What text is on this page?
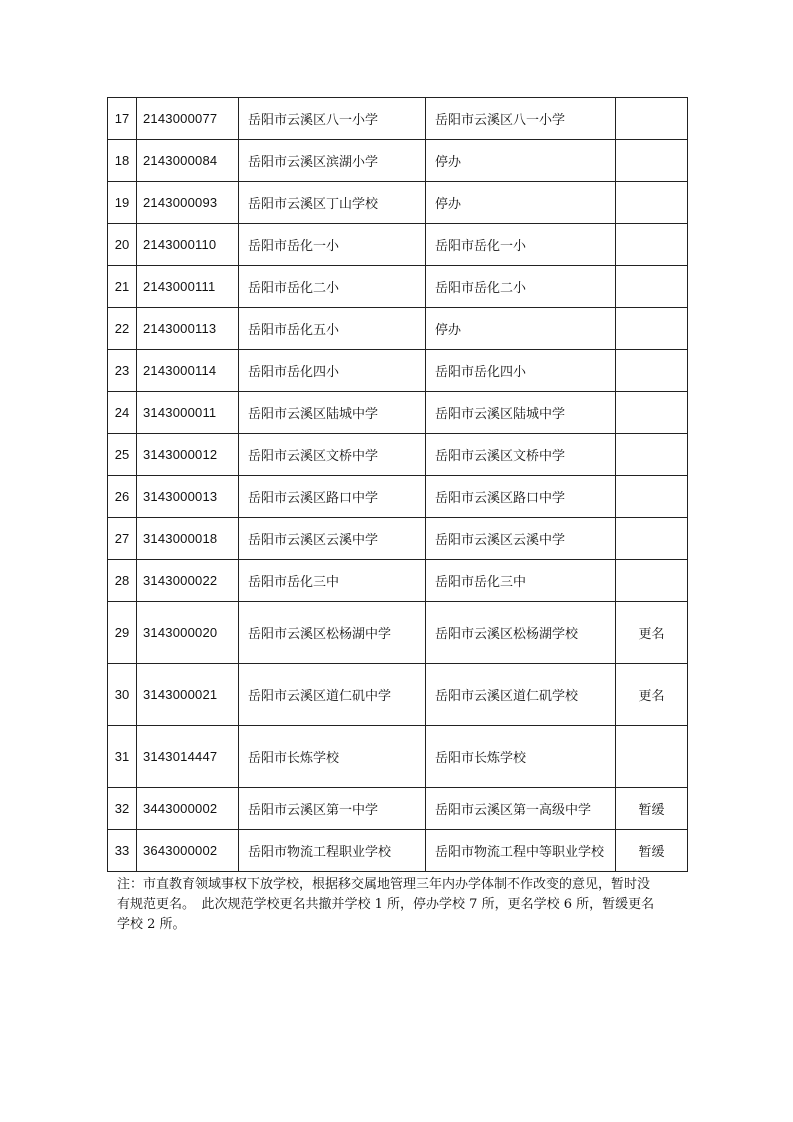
17	2143000077	岳阳市云溪区八一小学	岳阳市云溪区八一小学	
18	2143000084	岳阳市云溪区滨湖小学	停办	
19	2143000093	岳阳市云溪区丁山学校	停办	
20	2143000110	岳阳市岳化一小	岳阳市岳化一小	
21	2143000111	岳阳市岳化二小	岳阳市岳化二小	
22	2143000113	岳阳市岳化五小	停办	
23	2143000114	岳阳市岳化四小	岳阳市岳化四小	
24	3143000011	岳阳市云溪区陆城中学	岳阳市云溪区陆城中学	
25	3143000012	岳阳市云溪区文桥中学	岳阳市云溪区文桥中学	
26	3143000013	岳阳市云溪区路口中学	岳阳市云溪区路口中学	
27	3143000018	岳阳市云溪区云溪中学	岳阳市云溪区云溪中学	
28	3143000022	岳阳市岳化三中	岳阳市岳化三中	
29	3143000020	岳阳市云溪区松杨湖中学	岳阳市云溪区松杨湖学校	更名
30	3143000021	岳阳市云溪区道仁矶中学	岳阳市云溪区道仁矶学校	更名
31	3143014447	岳阳市长炼学校	岳阳市长炼学校	
32	3443000002	岳阳市云溪区第一中学	岳阳市云溪区第一高级中学	暂缓
33	3643000002	岳阳市物流工程职业学校	岳阳市物流工程中等职业学校	暂缓

注：市直教育领域事权下放学校，根据移交属地管理三年内办学体制不作改变的意见，暂时没

有规范更名。　此次规范学校更名共撤并学校 1 所，停办学校 7 所，更名学校 6 所，暂缓更名

学校 2 所。
